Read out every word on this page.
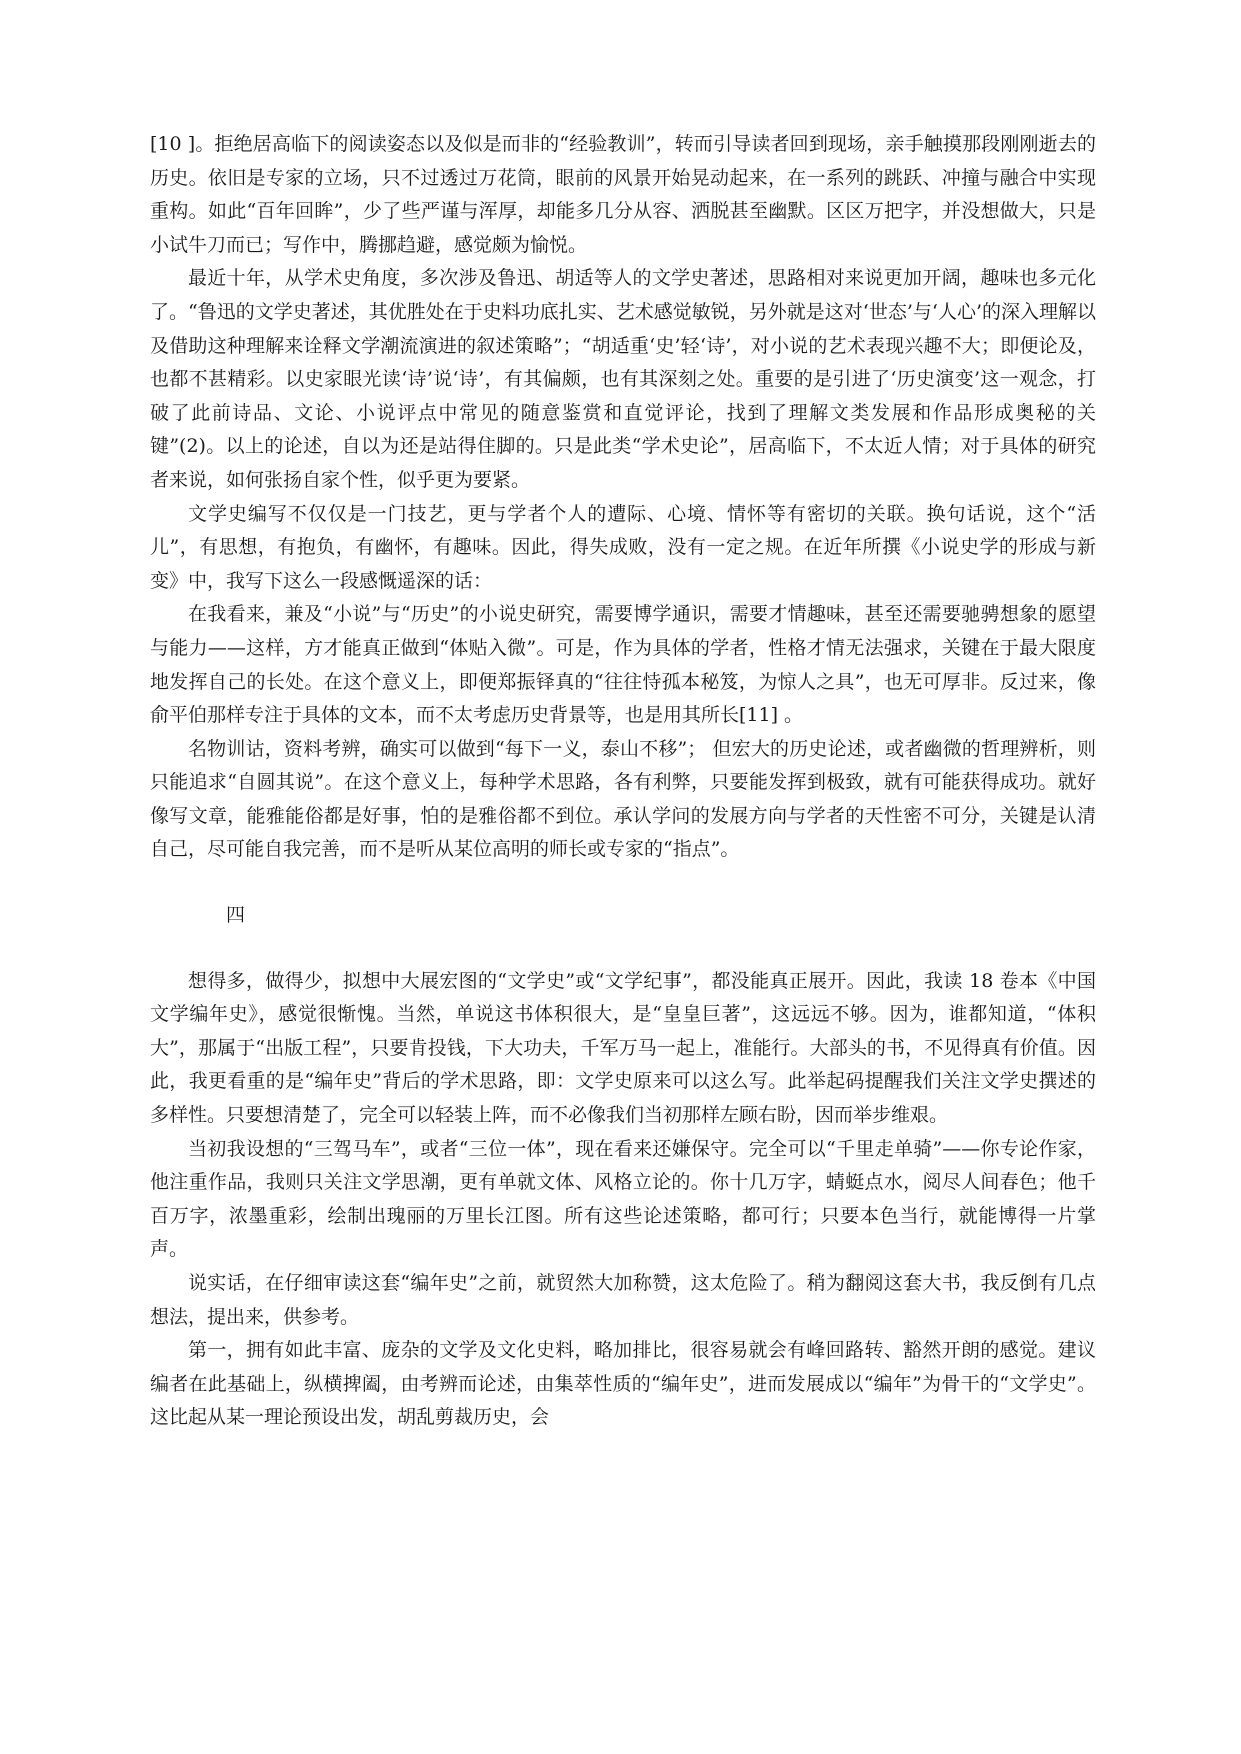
[10 ]。拒绝居高临下的阅读姿态以及似是而非的“经验教训”，转而引导读者回到现场，亲手触摸那段刚刚逝去的历史。依旧是专家的立场，只不过透过万花筒，眼前的风景开始晃动起来，在一系列的跳跃、冲撞与融合中实现重构。如此“百年回眸”，少了些严谨与浑厚，却能多几分从容、洒脱甚至幽默。区区万把字，并没想做大，只是小试牛刀而已；写作中，腾挪趋避，感觉颇为愉悦。

最近十年，从学术史角度，多次涉及鲁迅、胡适等人的文学史著述，思路相对来说更加开阔，趣味也多元化了。“鲁迅的文学史著述，其优胜处在于史料功底扎实、艺术感觉敏锐，另外就是这对‘世态’与‘人心’的深入理解以及借助这种理解来诠释文学潮流演进的叙述策略”；“胡适重‘史’轻‘诗’，对小说的艺术表现兴趣不大；即便论及，也都不甚精彩。以史家眼光读‘诗’说‘诗’，有其偏颇，也有其深刻之处。重要的是引进了‘历史演变’这一观念，打破了此前诗品、文论、小说评点中常见的随意鉴赏和直觉评论，找到了理解文类发展和作品形成奥秘的关键”(2)。以上的论述，自以为还是站得住脚的。只是此类“学术史论”，居高临下，不太近人情；对于具体的研究者来说，如何张扬自家个性，似乎更为要紧。

文学史编写不仅仅是一门技艺，更与学者个人的遭际、心境、情怀等有密切的关联。换句话说，这个“活儿”，有思想，有抱负，有幽怀，有趣味。因此，得失成败，没有一定之规。在近年所撰《小说史学的形成与新变》中，我写下这么一段感慨遥深的话：

在我看来，兼及“小说”与“历史”的小说史研究，需要博学通识，需要才情趣味，甚至还需要驰骋想象的愿望与能力——这样，方才能真正做到“体贴入微”。可是，作为具体的学者，性格才情无法强求，关键在于最大限度地发挥自己的长处。在这个意义上，即便郑振铎真的“往往恃孤本秘笈，为惊人之具”，也无可厚非。反过来，像俞平伯那样专注于具体的文本，而不太考虑历史背景等，也是用其所长[11] 。

名物训诂，资料考辨，确实可以做到“每下一义，泰山不移”； 但宏大的历史论述，或者幽微的哲理辨析，则只能追求“自圆其说”。在这个意义上，每种学术思路，各有利弊，只要能发挥到极致，就有可能获得成功。就好像写文章，能雅能俗都是好事，怕的是雅俗都不到位。承认学问的发展方向与学者的天性密不可分，关键是认清自己，尽可能自我完善，而不是听从某位高明的师长或专家的“指点”。

四

想得多，做得少，拟想中大展宏图的“文学史”或“文学纪事”，都没能真正展开。因此，我读 18 卷本《中国文学编年史》，感觉很惭愧。当然，单说这书体积很大，是“皇皇巨著”，这远远不够。因为，谁都知道，“体积大”，那属于“出版工程”，只要肯投钱，下大功夫，千军万马一起上，准能行。大部头的书，不见得真有价值。因此，我更看重的是“编年史”背后的学术思路，即：文学史原来可以这么写。此举起码提醒我们关注文学史撰述的多样性。只要想清楚了，完全可以轻装上阵，而不必像我们当初那样左顾右盼，因而举步维艰。

当初我设想的“三驾马车”，或者“三位一体”，现在看来还嫌保守。完全可以“千里走单骑”——你专论作家，他注重作品，我则只关注文学思潮，更有单就文体、风格立论的。你十几万字，蜻蜓点水，阅尽人间春色；他千百万字，浓墨重彩，绘制出瑰丽的万里长江图。所有这些论述策略，都可行；只要本色当行，就能博得一片掌声。

说实话，在仔细审读这套“编年史”之前，就贸然大加称赞，这太危险了。稍为翻阅这套大书，我反倒有几点想法，提出来，供参考。

第一，拥有如此丰富、庞杂的文学及文化史料，略加排比，很容易就会有峰回路转、豁然开朗的感觉。建议编者在此基础上，纵横捭阖，由考辨而论述，由集萃性质的“编年史”，进而发展成以“编年”为骨干的“文学史”。这比起从某一理论预设出发，胡乱剪裁历史，会
